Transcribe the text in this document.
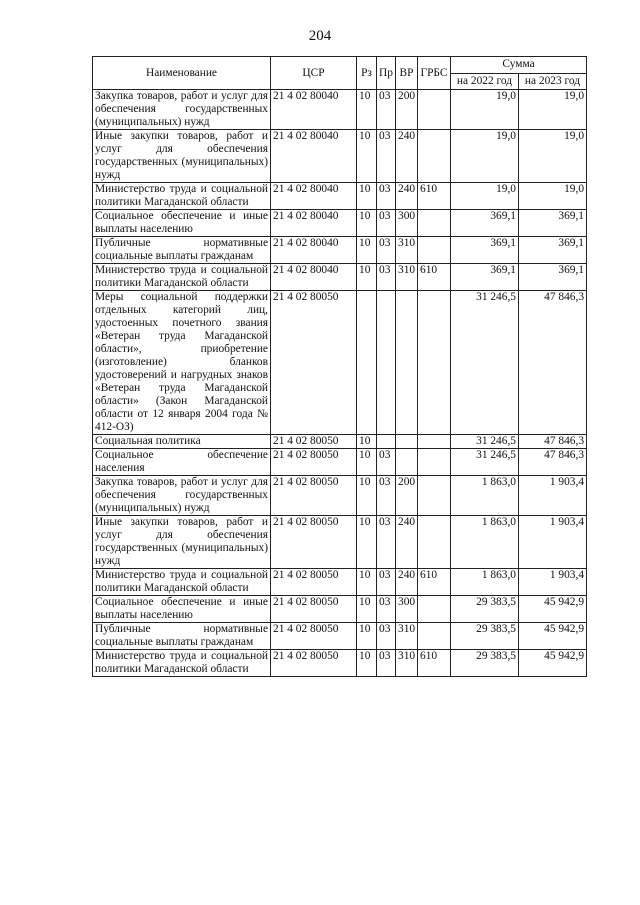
204
Наименование	ЦСР	Рз	Пр	ВР	ГРБС	Сумма	
						на 2022 год	на 2023 год
Закупка товаров, работ и услуг для обеспечения государственных (муниципальных) нужд	21 4 02 80040	10	03	200		19,0	19,0
Иные закупки товаров, работ и услуг для обеспечения государственных (муниципальных) нужд	21 4 02 80040	10	03	240		19,0	19,0
Министерство труда и социальной политики Магаданской области	21 4 02 80040	10	03	240	610	19,0	19,0
Социальное обеспечение и иные выплаты населению	21 4 02 80040	10	03	300		369,1	369,1
Публичные нормативные социальные выплаты гражданам	21 4 02 80040	10	03	310		369,1	369,1
Министерство труда и социальной политики Магаданской области	21 4 02 80040	10	03	310	610	369,1	369,1
Меры социальной поддержки отдельных категорий лиц, удостоенных почетного звания «Ветеран труда Магаданской области», приобретение (изготовление) бланков удостоверений и нагрудных знаков «Ветеран труда Магаданской области» (Закон Магаданской области от 12 января 2004 года № 412-ОЗ)	21 4 02 80050					31 246,5	47 846,3
Социальная политика	21 4 02 80050	10				31 246,5	47 846,3
Социальное обеспечение населения	21 4 02 80050	10	03			31 246,5	47 846,3
Закупка товаров, работ и услуг для обеспечения государственных (муниципальных) нужд	21 4 02 80050	10	03	200		1 863,0	1 903,4
Иные закупки товаров, работ и услуг для обеспечения государственных (муниципальных) нужд	21 4 02 80050	10	03	240		1 863,0	1 903,4
Министерство труда и социальной политики Магаданской области	21 4 02 80050	10	03	240	610	1 863,0	1 903,4
Социальное обеспечение и иные выплаты населению	21 4 02 80050	10	03	300		29 383,5	45 942,9
Публичные нормативные социальные выплаты гражданам	21 4 02 80050	10	03	310		29 383,5	45 942,9
Министерство труда и социальной политики Магаданской области	21 4 02 80050	10	03	310	610	29 383,5	45 942,9
